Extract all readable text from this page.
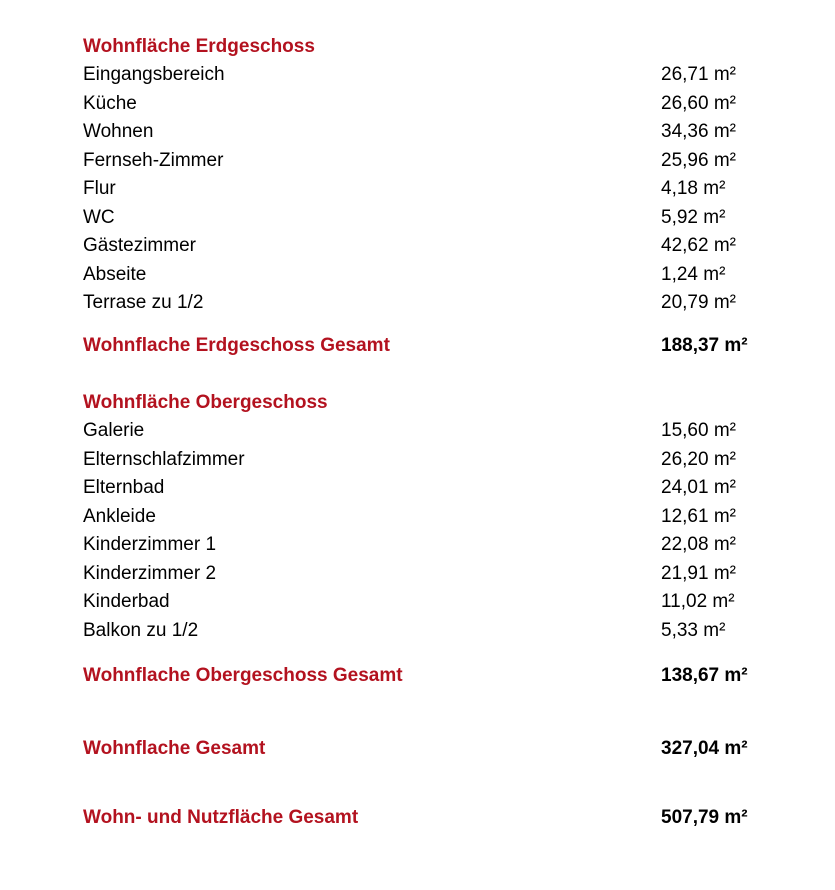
Wohnfläche Erdgeschoss
Eingangsbereich	26,71 m²
Küche	26,60 m²
Wohnen	34,36 m²
Fernseh-Zimmer	25,96 m²
Flur	4,18 m²
WC	5,92 m²
Gästezimmer	42,62 m²
Abseite	1,24 m²
Terrase zu 1/2	20,79 m²
Wohnflache Erdgeschoss Gesamt	188,37 m²
Wohnfläche Obergeschoss
Galerie	15,60 m²
Elternschlafzimmer	26,20 m²
Elternbad	24,01 m²
Ankleide	12,61 m²
Kinderzimmer 1	22,08 m²
Kinderzimmer 2	21,91 m²
Kinderbad	11,02 m²
Balkon zu 1/2	5,33 m²
Wohnflache Obergeschoss Gesamt	138,67 m²
Wohnflache Gesamt	327,04 m²
Wohn- und Nutzfläche Gesamt	507,79 m²
